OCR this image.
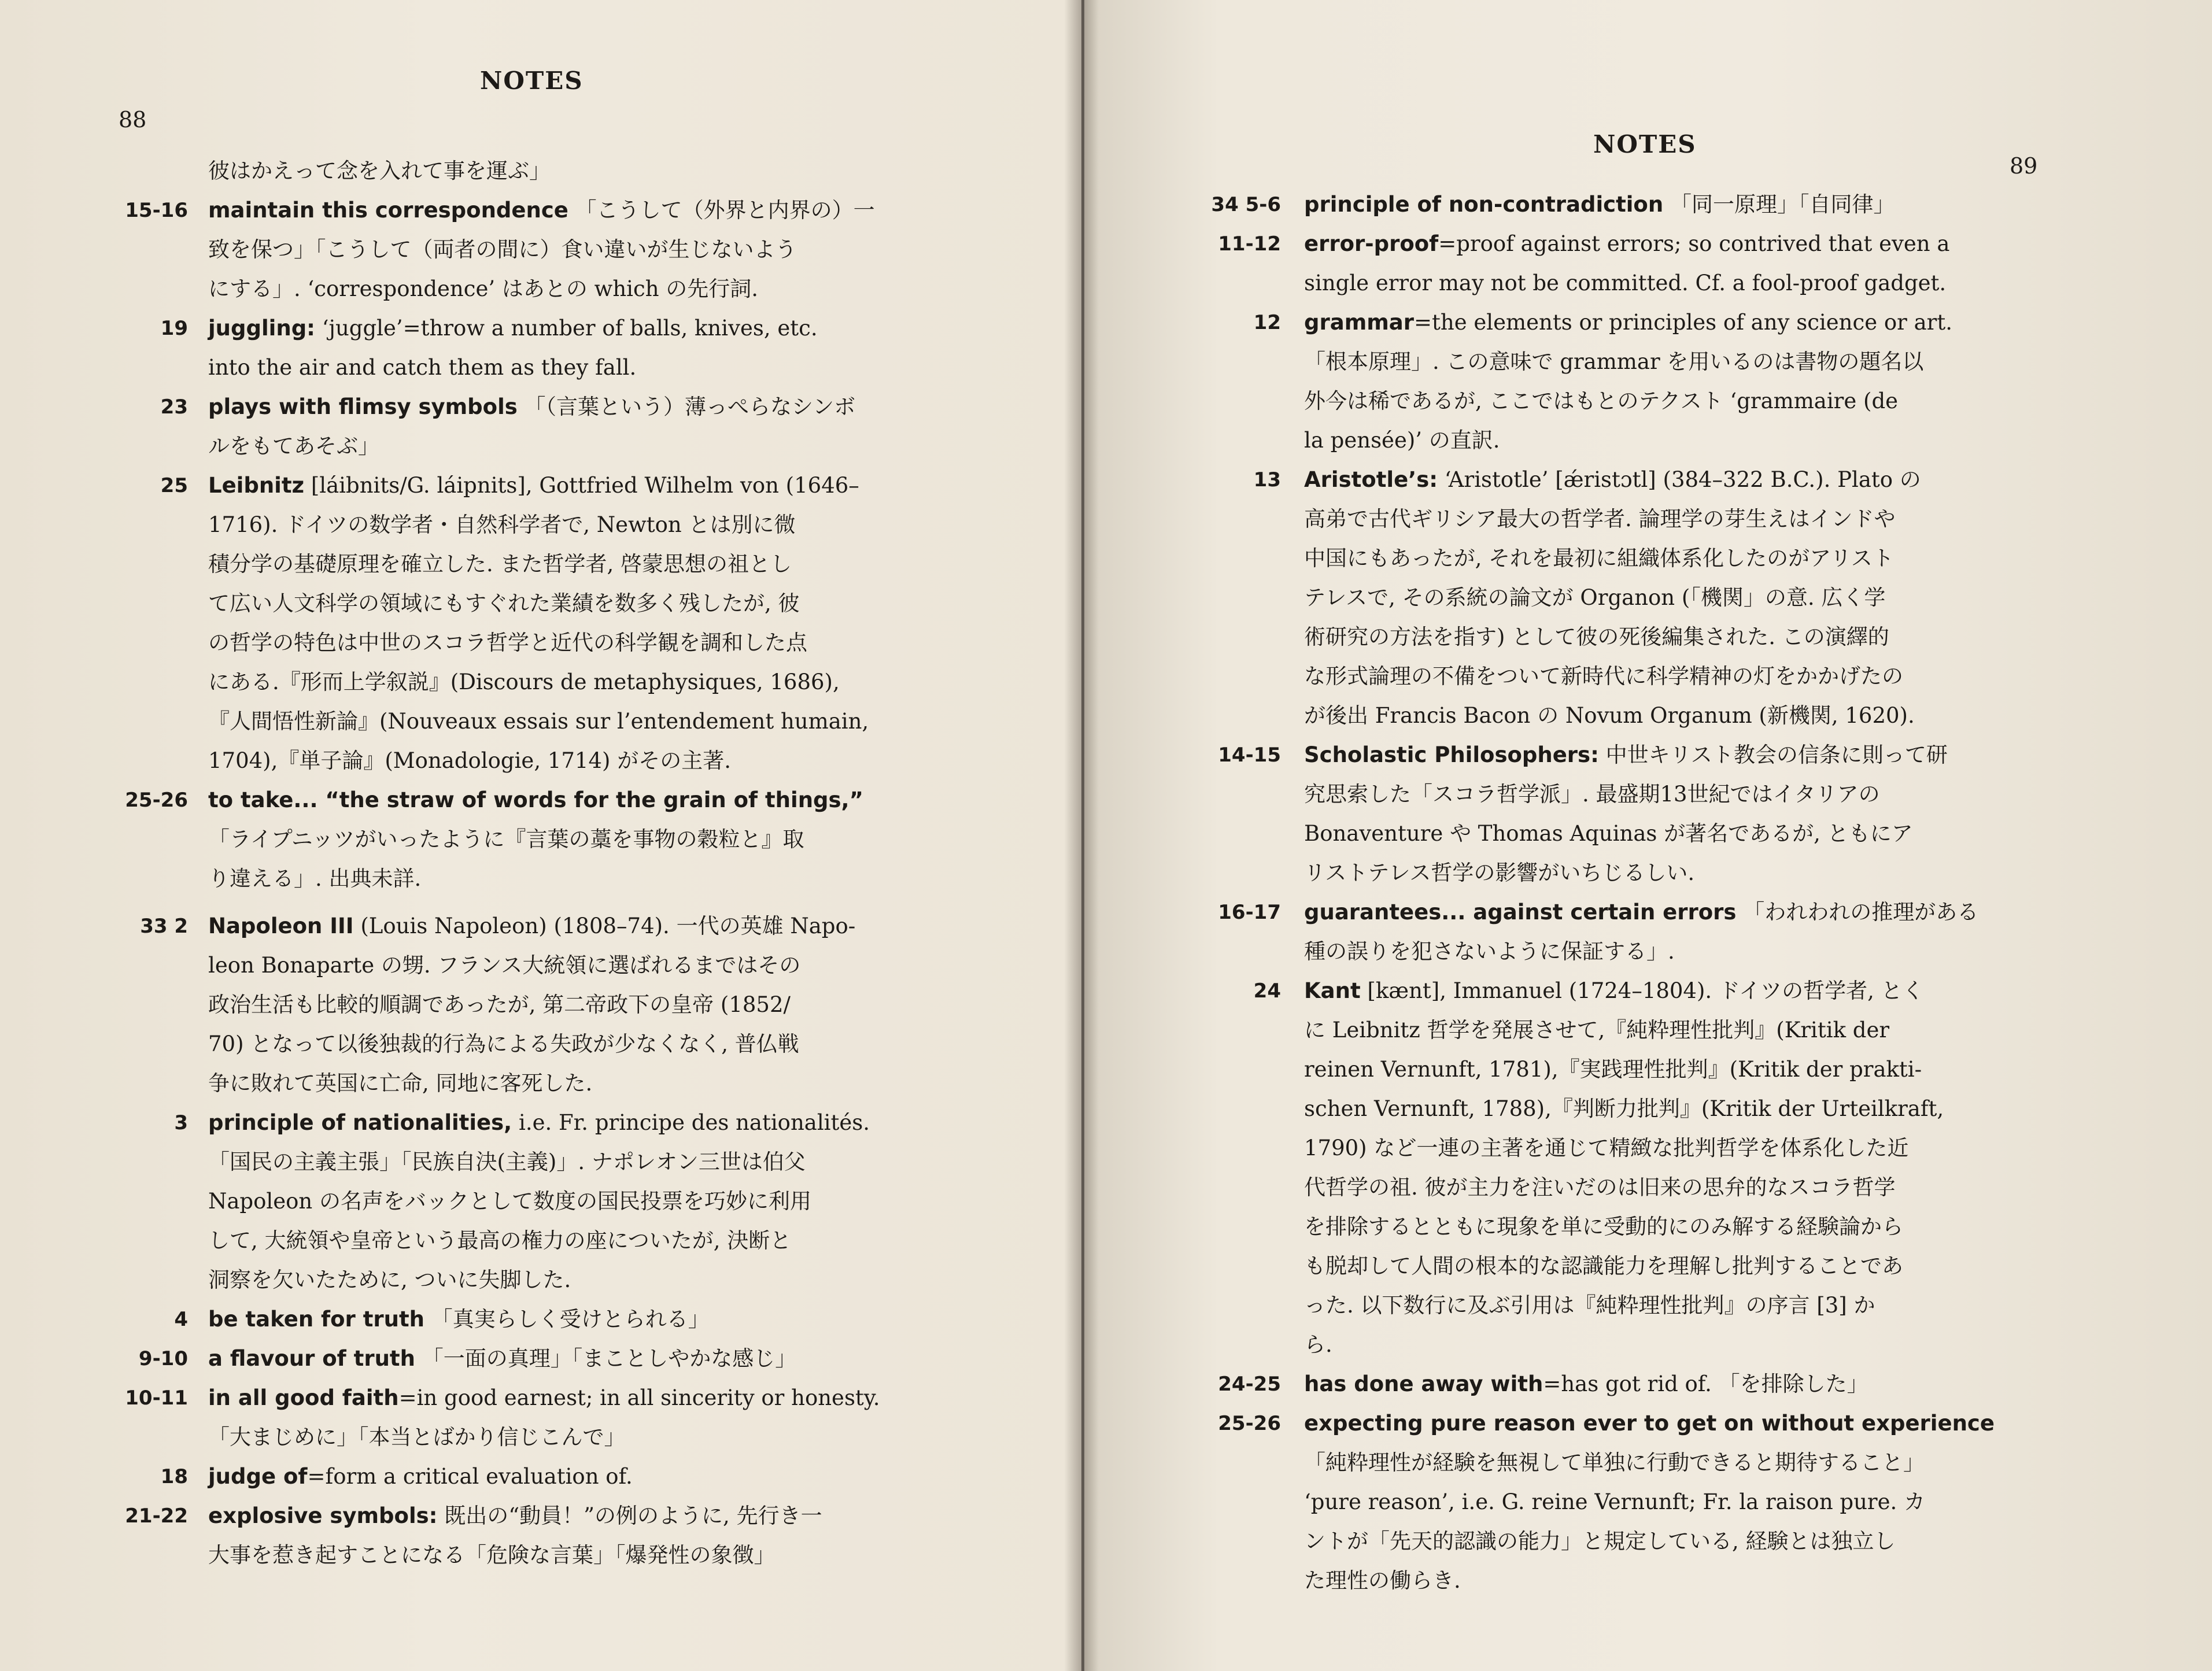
NOTES
88
彼はかえって念を入れて事を運ぶ」
15-16 maintain this correspondence 「こうして（外界と内界の）一
致を保つ」「こうして（両者の間に）食い違いが生じないよう
にする」. ‘correspondence’ はあとの which の先行詞.
19 juggling: ‘juggle’=throw a number of balls, knives, etc.
into the air and catch them as they fall.
23 plays with flimsy symbols 「（言葉という）薄っぺらなシンボ
ルをもてあそぶ」
25 Leibnitz [láibnits/G. láipnits], Gottfried Wilhelm von (1646–
1716). ドイツの数学者・自然科学者で, Newton とは別に微
積分学の基礎原理を確立した. また哲学者, 啓蒙思想の祖とし
て広い人文科学の領域にもすぐれた業績を数多く残したが, 彼
の哲学の特色は中世のスコラ哲学と近代の科学観を調和した点
にある.『形而上学叙説』(Discours de metaphysiques, 1686),
『人間悟性新論』(Nouveaux essais sur l’entendement humain,
1704),『単子論』(Monadologie, 1714) がその主著.
25-26 to take... “the straw of words for the grain of things,”
「ライプニッツがいったように『言葉の藁を事物の穀粒と』取
り違える」. 出典未詳.
33 2 Napoleon III (Louis Napoleon) (1808–74). 一代の英雄 Napo-
leon Bonaparte の甥. フランス大統領に選ばれるまではその
政治生活も比較的順調であったが, 第二帝政下の皇帝 (1852/
70) となって以後独裁的行為による失政が少なくなく, 普仏戦
争に敗れて英国に亡命, 同地に客死した.
3 principle of nationalities, i.e. Fr. principe des nationalités.
「国民の主義主張」「民族自決(主義)」. ナポレオン三世は伯父
Napoleon の名声をバックとして数度の国民投票を巧妙に利用
して, 大統領や皇帝という最高の権力の座についたが, 決断と
洞察を欠いたために, ついに失脚した.
4 be taken for truth 「真実らしく受けとられる」
9-10 a flavour of truth 「一面の真理」「まことしやかな感じ」
10-11 in all good faith=in good earnest; in all sincerity or honesty.
「大まじめに」「本当とばかり信じこんで」
18 judge of=form a critical evaluation of.
21-22 explosive symbols: 既出の“動員！”の例のように, 先行き一
大事を惹き起すことになる「危険な言葉」「爆発性の象徴」
NOTES
89
34 5-6 principle of non-contradiction 「同一原理」「自同律」
11-12 error-proof=proof against errors; so contrived that even a
single error may not be committed. Cf. a fool-proof gadget.
12 grammar=the elements or principles of any science or art.
「根本原理」. この意味で grammar を用いるのは書物の題名以
外今は稀であるが, ここではもとのテクスト ‘grammaire (de
la pensée)’ の直訳.
13 Aristotle’s: ‘Aristotle’ [ǽristɔtl] (384–322 B.C.). Plato の
高弟で古代ギリシア最大の哲学者. 論理学の芽生えはインドや
中国にもあったが, それを最初に組織体系化したのがアリスト
テレスで, その系統の論文が Organon (「機関」の意. 広く学
術研究の方法を指す) として彼の死後編集された. この演繹的
な形式論理の不備をついて新時代に科学精神の灯をかかげたの
が後出 Francis Bacon の Novum Organum (新機関, 1620).
14-15 Scholastic Philosophers: 中世キリスト教会の信条に則って研
究思索した「スコラ哲学派」. 最盛期13世紀ではイタリアの
Bonaventure や Thomas Aquinas が著名であるが, ともにア
リストテレス哲学の影響がいちじるしい.
16-17 guarantees... against certain errors 「われわれの推理がある
種の誤りを犯さないように保証する」.
24 Kant [kænt], Immanuel (1724–1804). ドイツの哲学者, とく
に Leibnitz 哲学を発展させて,『純粋理性批判』(Kritik der
reinen Vernunft, 1781),『実践理性批判』(Kritik der prakti-
schen Vernunft, 1788),『判断力批判』(Kritik der Urteilkraft,
1790) など一連の主著を通じて精緻な批判哲学を体系化した近
代哲学の祖. 彼が主力を注いだのは旧来の思弁的なスコラ哲学
を排除するとともに現象を単に受動的にのみ解する経験論から
も脱却して人間の根本的な認識能力を理解し批判することであ
った. 以下数行に及ぶ引用は『純粋理性批判』の序言 [3] か
ら.
24-25 has done away with=has got rid of. 「を排除した」
25-26 expecting pure reason ever to get on without experience
「純粋理性が経験を無視して単独に行動できると期待すること」
‘pure reason’, i.e. G. reine Vernunft; Fr. la raison pure. カ
ントが「先天的認識の能力」と規定している, 経験とは独立し
た理性の働らき.
